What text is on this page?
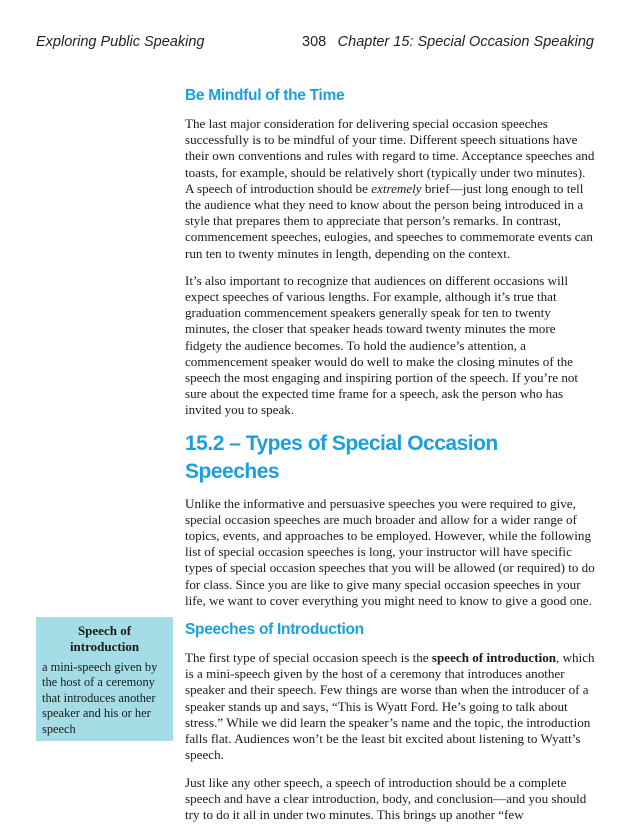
Exploring Public Speaking	308 Chapter 15: Special Occasion Speaking
Be Mindful of the Time

The last major consideration for delivering special occasion speeches successfully is to be mindful of your time. Different speech situations have their own conventions and rules with regard to time. Acceptance speeches and toasts, for example, should be relatively short (typically under two minutes). A speech of introduction should be extremely brief—just long enough to tell the audience what they need to know about the person being introduced in a style that prepares them to appreciate that person’s remarks. In contrast, commencement speeches, eulogies, and speeches to commemorate events can run ten to twenty minutes in length, depending on the context.

It’s also important to recognize that audiences on different occasions will expect speeches of various lengths. For example, although it’s true that graduation commencement speakers generally speak for ten to twenty minutes, the closer that speaker heads toward twenty minutes the more fidgety the audience becomes. To hold the audience’s attention, a commencement speaker would do well to make the closing minutes of the speech the most engaging and inspiring portion of the speech. If you’re not sure about the expected time frame for a speech, ask the person who has invited you to speak.

15.2 – Types of Special Occasion Speeches

Unlike the informative and persuasive speeches you were required to give, special occasion speeches are much broader and allow for a wider range of topics, events, and approaches to be employed. However, while the following list of special occasion speeches is long, your instructor will have specific types of special occasion speeches that you will be allowed (or required) to do for class. Since you are like to give many special occasion speeches in your life, we want to cover everything you might need to know to give a good one.

Speeches of Introduction

The first type of special occasion speech is the speech of introduction, which is a mini-speech given by the host of a ceremony that introduces another speaker and their speech. Few things are worse than when the introducer of a speaker stands up and says, “This is Wyatt Ford. He’s going to talk about stress.” While we did learn the speaker’s name and the topic, the introduction falls flat. Audiences won’t be the least bit excited about listening to Wyatt’s speech.

Just like any other speech, a speech of introduction should be a complete speech and have a clear introduction, body, and conclusion—and you should try to do it all in under two minutes. This brings up another “few

Speech of introduction

a mini-speech given by the host of a ceremony that introduces another speaker and his or her speech
